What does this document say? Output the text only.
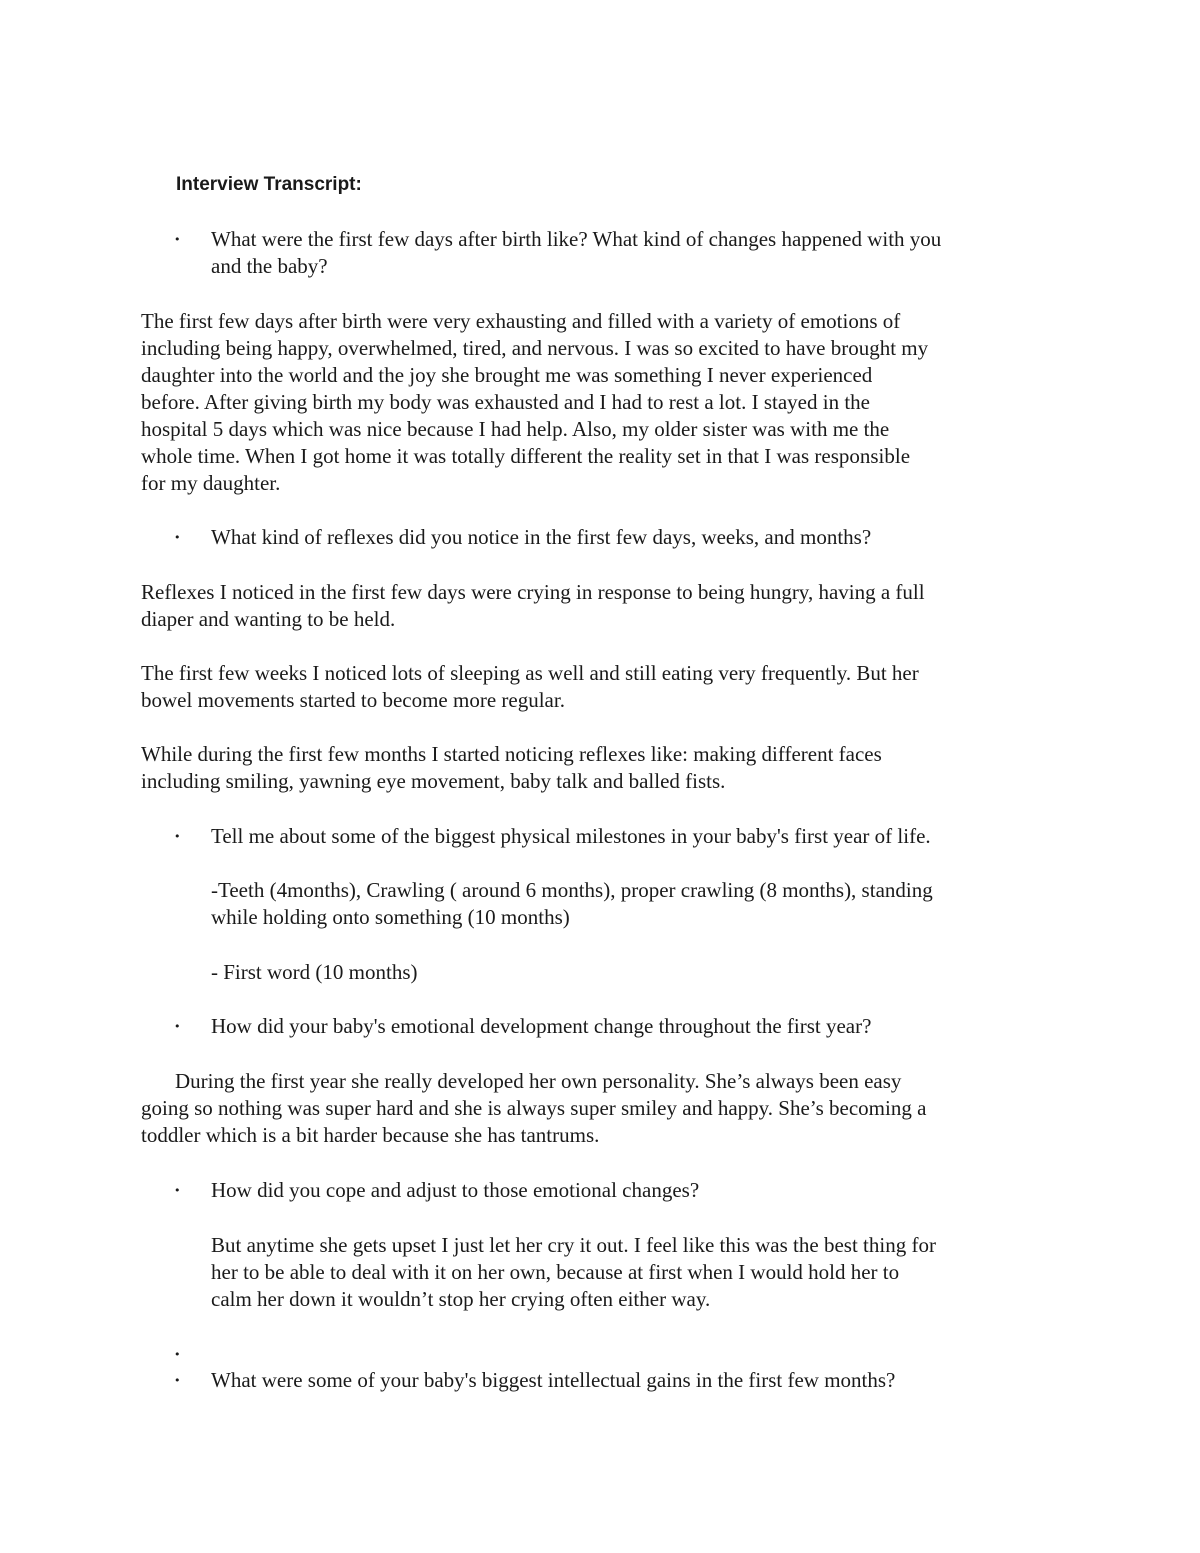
Interview Transcript:
• What were the first few days after birth like? What kind of changes happened with you
and the baby?
The first few days after birth were very exhausting and filled with a variety of emotions of
including being happy, overwhelmed, tired, and nervous. I was so excited to have brought my
daughter into the world and the joy she brought me was something I never experienced
before. After giving birth my body was exhausted and I had to rest a lot. I stayed in the
hospital 5 days which was nice because I had help. Also, my older sister was with me the
whole time. When I got home it was totally different the reality set in that I was responsible
for my daughter.
• What kind of reflexes did you notice in the first few days, weeks, and months?
Reflexes I noticed in the first few days were crying in response to being hungry, having a full
diaper and wanting to be held.
The first few weeks I noticed lots of sleeping as well and still eating very frequently. But her
bowel movements started to become more regular.
While during the first few months I started noticing reflexes like: making different faces
including smiling, yawning eye movement, baby talk and balled fists.
• Tell me about some of the biggest physical milestones in your baby's first year of life.
-Teeth (4months), Crawling ( around 6 months), proper crawling (8 months), standing
while holding onto something (10 months)
- First word (10 months)
• How did your baby's emotional development change throughout the first year?
During the first year she really developed her own personality. She’s always been easy
going so nothing was super hard and she is always super smiley and happy. She’s becoming a
toddler which is a bit harder because she has tantrums.
• How did you cope and adjust to those emotional changes?
But anytime she gets upset I just let her cry it out. I feel like this was the best thing for
her to be able to deal with it on her own, because at first when I would hold her to
calm her down it wouldn’t stop her crying often either way.
•
• What were some of your baby's biggest intellectual gains in the first few months?
